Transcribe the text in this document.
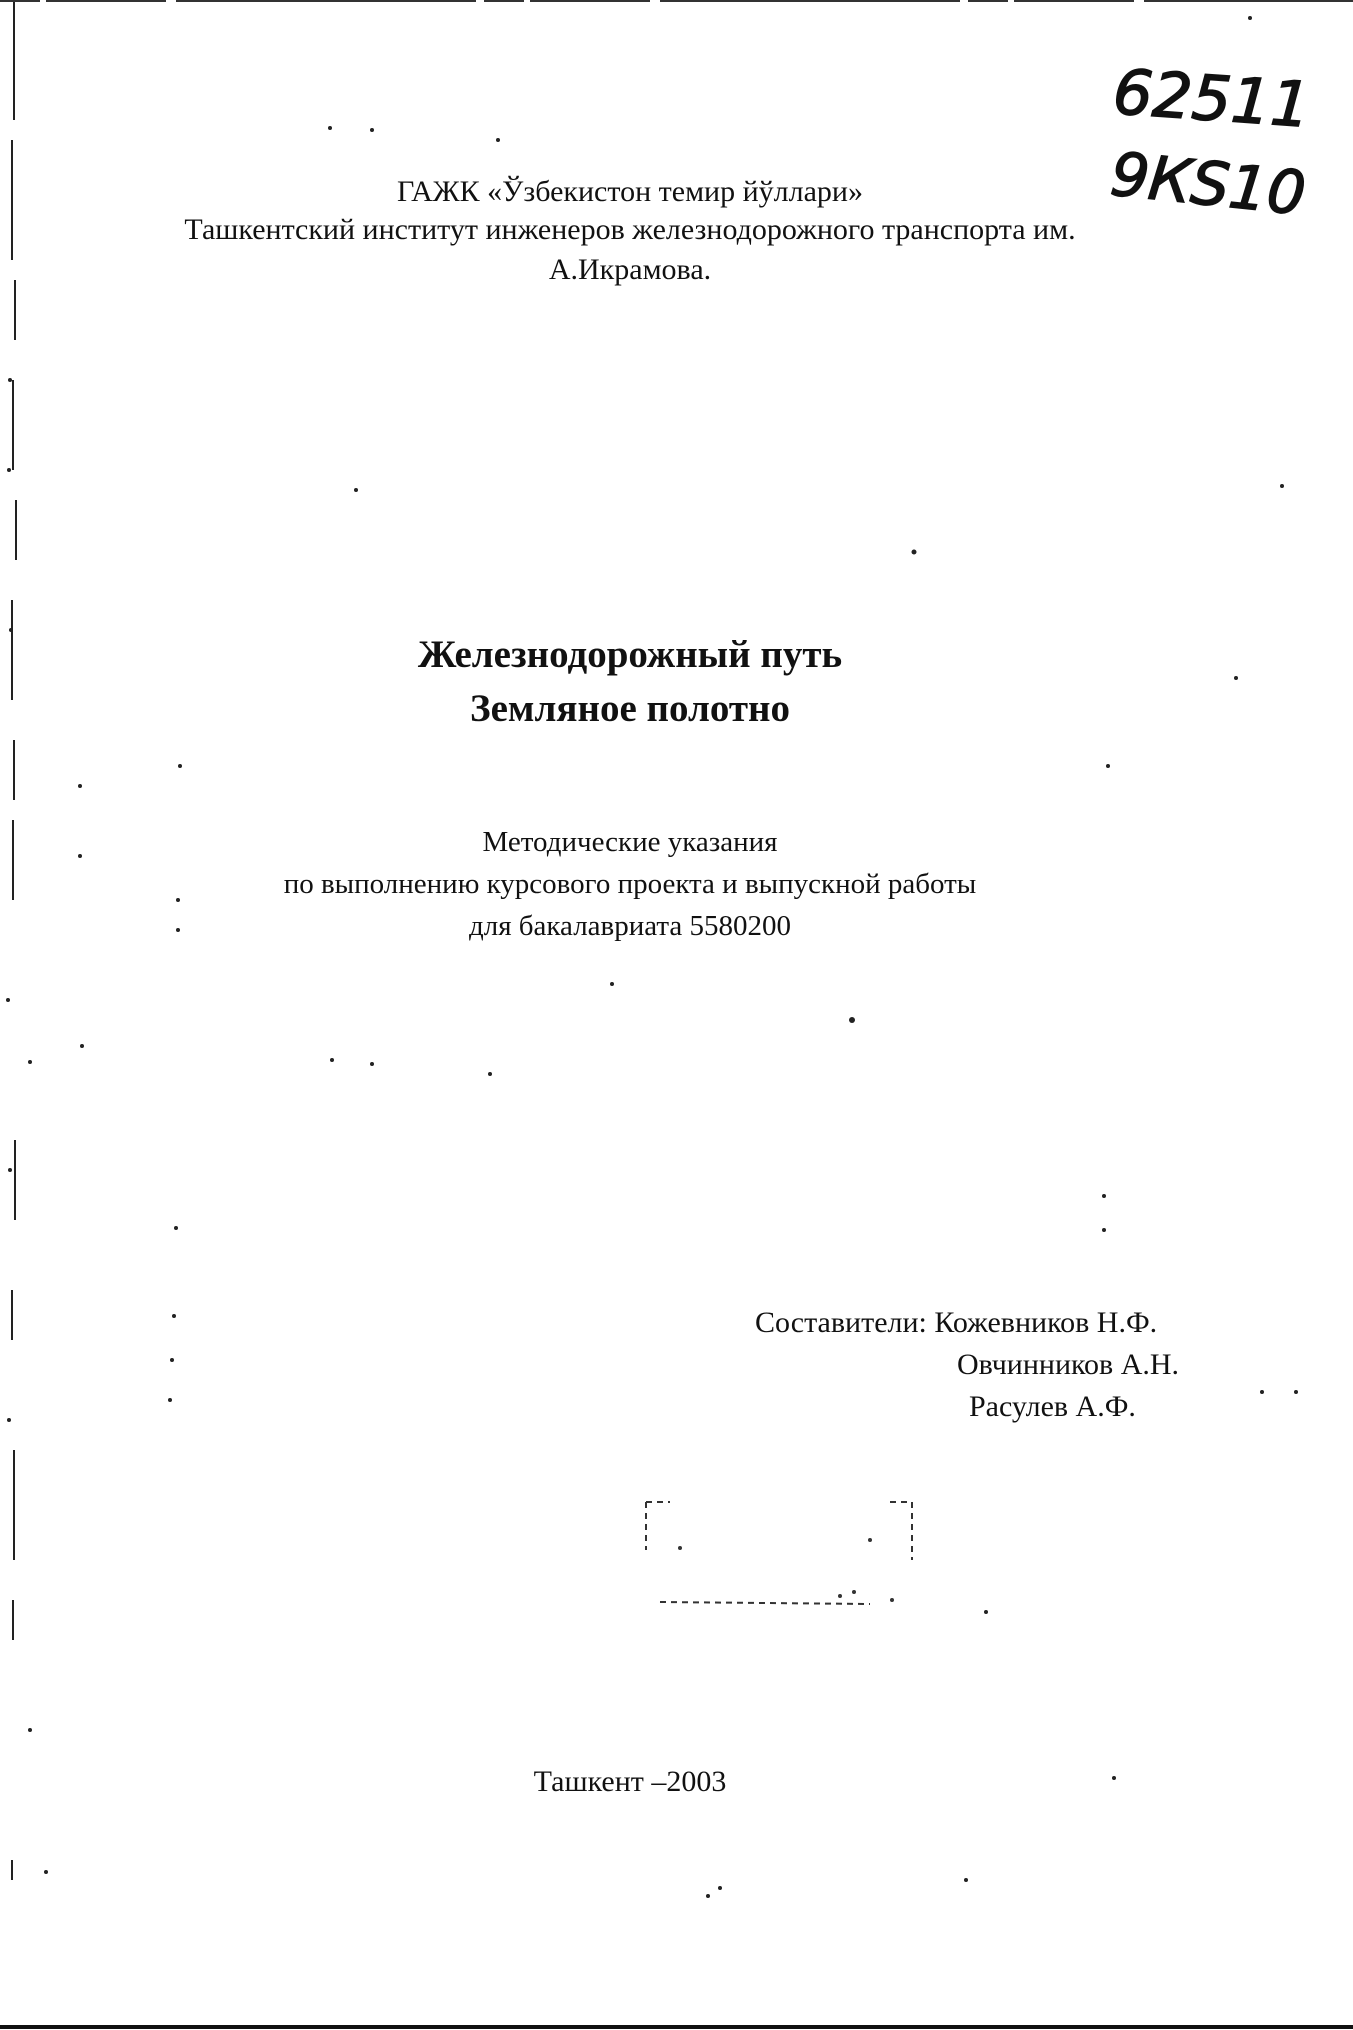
62511
9КS10
ГАЖК «Ўзбекистон темир йўллари»
Ташкентский институт инженеров железнодорожного транспорта им.
А.Икрамова.
Железнодорожный путь
Земляное полотно
Методические указания
по выполнению курсового проекта и выпускной работы
для бакалавриата 5580200
Составители: Кожевников Н.Ф.
Овчинников А.Н.
Расулев А.Ф.
Ташкент –2003
